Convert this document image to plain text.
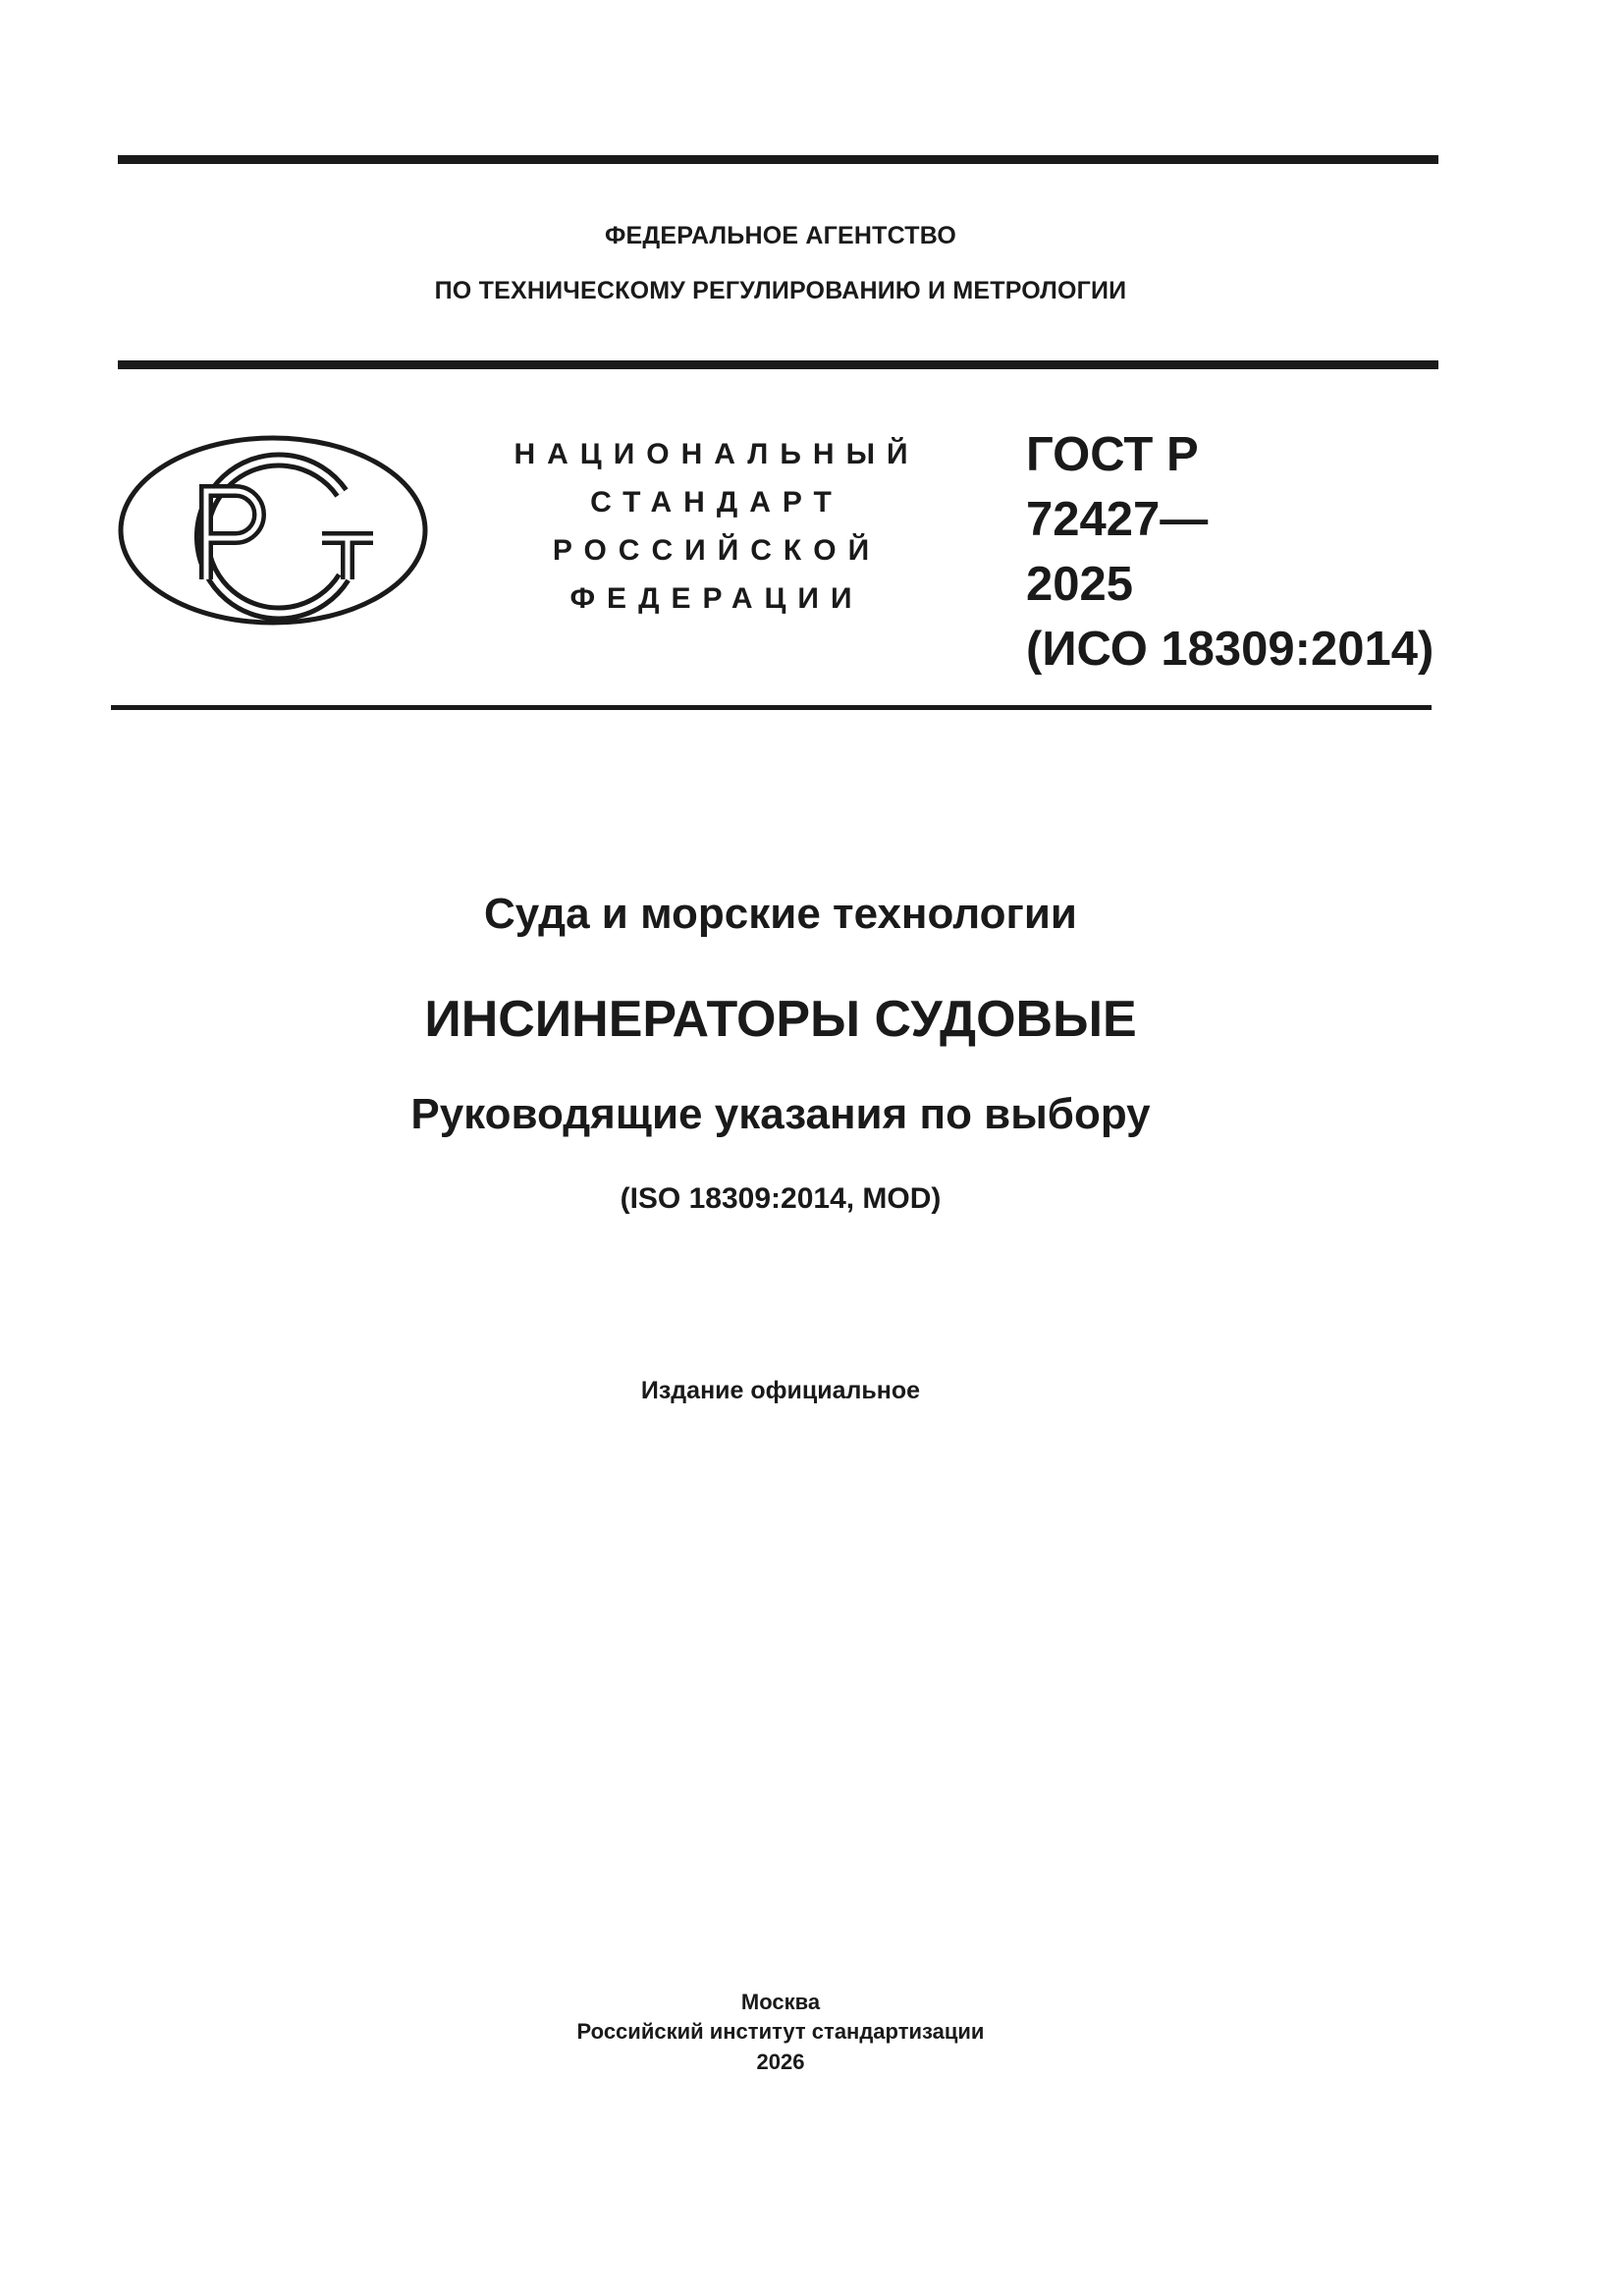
ФЕДЕРАЛЬНОЕ АГЕНТСТВО
ПО ТЕХНИЧЕСКОМУ РЕГУЛИРОВАНИЮ И МЕТРОЛОГИИ
НАЦИОНАЛЬНЫЙ
СТАНДАРТ
РОССИЙСКОЙ
ФЕДЕРАЦИИ
ГОСТ Р
72427—
2025
(ИСО 18309:2014)
Суда и морские технологии
ИНСИНЕРАТОРЫ СУДОВЫЕ
Руководящие указания по выбору
(ISO 18309:2014, MOD)
Издание официальное
Москва
Российский институт стандартизации
2026
